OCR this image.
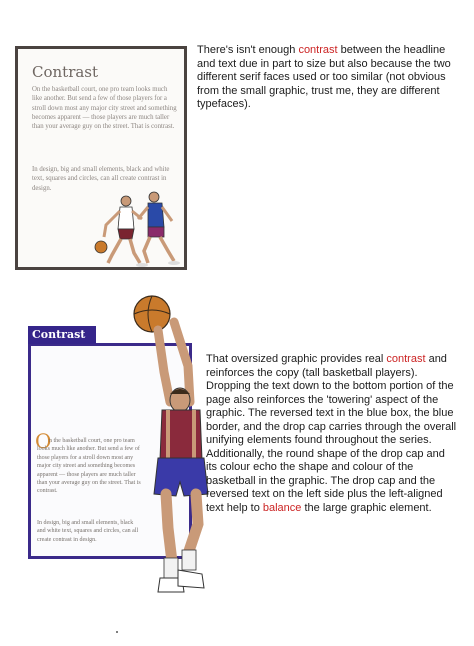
Contrast
On the basketball court, one pro team looks much like another. But send a few of those players for a stroll down most any major city street and something becomes apparent — those players are much taller than your average guy on the street. That is contrast.
In design, big and small elements, black and white text, squares and circles, can all create contrast in design.
There's isn't enough contrast between the headline and text due in part to size but also because the two different serif faces used or too similar (not obvious from the small graphic, trust me, they are different typefaces).
Contrast
O
n the basketball court, one pro team looks much like another. But send a few of those players for a stroll down most any major city street and something becomes apparent — those players are much taller than your average guy on the street. That is contrast.
In design, big and small elements, black and white text, squares and circles, can all create contrast in design.
That oversized graphic provides real contrast and reinforces the copy (tall basketball players). Dropping the text down to the bottom portion of the page also reinforces the 'towering' aspect of the graphic. The reversed text in the blue box, the blue border, and the drop cap carries through the overall unifying elements found throughout the series. Additionally, the round shape of the drop cap and its colour echo the shape and colour of the basketball in the graphic. The drop cap and the reversed text on the left side plus the left-aligned text help to balance the large graphic element.
